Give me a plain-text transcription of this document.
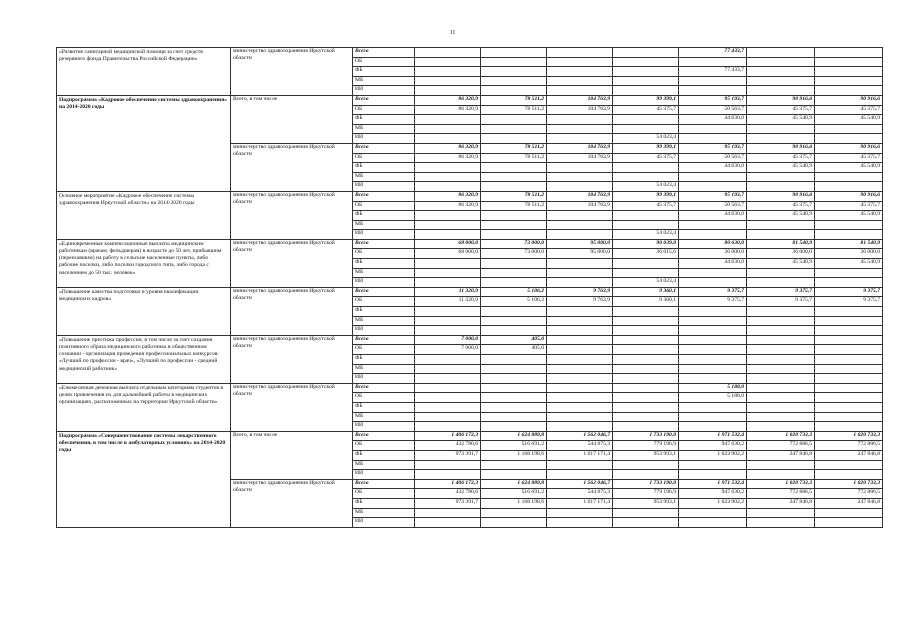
11
«Развитие санитарной медицинской помощи за счет средств резервного фонда Правительства Российской Федерации»	министерство здравоохранения Иркутской области	Всего					77 433,7		
		ОБ							
		ФБ					77 433,7		
		МБ							
		ИИ							
Подпрограмма «Кадровое обеспечение системы здравоохранения» на 2014-2020 годы	Всего, в том числе	Всего	86 320,9	78 511,2	104 763,9	99 399,1	95 193,7	90 916,6	90 916,6
		ОБ	86 320,9	78 511,2	104 763,9	45 375,7	50 563,7	45 375,7	45 375,7
		ФБ					44 630,0	45 540,9	45 540,9
		МБ							
		ИИ				54 023,4			
	министерство здравоохранения Иркутской области	Всего	86 320,9	78 511,2	104 763,9	99 399,1	95 193,7	90 916,6	90 916,6
		ОБ	86 320,9	78 511,2	104 763,9	45 375,7	50 563,7	45 375,7	45 375,7
		ФБ					44 630,0	45 540,9	45 540,9
		МБ							
		ИИ				54 023,4			
Основное мероприятие «Кадровое обеспечение системы здравоохранения Иркутской области» на 2014-2020 годы	министерство здравоохранения Иркутской области	Всего	86 320,9	78 511,2	104 763,9	99 399,1	95 193,7	90 916,6	90 916,6
		ОБ	86 320,9	78 511,2	104 763,9	45 375,7	50 563,7	45 375,7	45 375,7
		ФБ					44 630,0	45 540,9	45 540,9
		МБ							
		ИИ				54 023,4			
«Единовременные компенсационные выплаты медицинским работникам (врачам, фельдшерам) в возрасте до 50 лет, прибывшим (переехавшим) на работу в сельские населенные пункты, либо рабочие поселки, либо поселки городского типа, либо города с населением до 50 тыс. человек»	министерство здравоохранения Иркутской области	Всего	68 000,0	73 000,0	95 000,0	90 039,0	80 630,0	81 540,9	81 540,9
		ОБ	68 000,0	73 000,0	95 000,0	36 015,6	36 000,0	36 000,0	36 000,0
		ФБ					44 630,0	45 540,9	45 540,9
		МБ							
		ИИ				54 023,4			
«Повышение качества подготовки и уровня квалификации медицинских кадров»	министерство здравоохранения Иркутской области	Всего	11 320,9	5 106,2	9 763,9	9 360,1	9 375,7	9 375,7	9 375,7
		ОБ	11 320,9	5 106,2	9 763,9	9 360,1	9 375,7	9 375,7	9 375,7
		ФБ							
		МБ							
		ИИ							
«Повышение престижа профессии, в том числе за счет создания позитивного образа медицинского работника в общественном сознании - организация проведения профессиональных конкурсов: «Лучший по профессии - врач», «Лучший по профессии - средний медицинский работник»	министерство здравоохранения Иркутской области	Всего	7 000,0	405,0					
		ОБ	7 000,0	405,0					
		ФБ							
		МБ							
		ИИ							
«Ежемесячная денежная выплата отдельным категориям студентов в целях привлечения их для дальнейшей работы в медицинских организациях, расположенных на территории Иркутской области»	министерство здравоохранения Иркутской области	Всего					5 188,0		
		ОБ					5 188,0		
		ФБ							
		МБ							
		ИИ							
Подпрограмма «Совершенствование системы лекарственного обеспечения, в том числе в амбулаторных условиях» на 2014-2020 годы	Всего, в том числе	Всего	1 406 172,3	1 624 889,8	1 562 046,7	1 733 190,0	1 971 532,4	1 020 733,3	1 020 733,3
		ОБ	432 780,6	516 691,2	544 875,3	779 196,9	947 630,2	772 886,5	772 886,5
		ФБ	973 391,7	1 108 198,6	1 017 171,4	953 993,1	1 023 902,2	247 846,8	247 846,8
		МБ							
		ИИ							
	министерство здравоохранения Иркутской области	Всего	1 406 172,3	1 624 889,8	1 562 046,7	1 733 190,0	1 971 532,4	1 020 733,3	1 020 733,3
		ОБ	432 780,6	516 691,2	544 875,3	779 196,9	947 630,2	772 886,5	772 886,5
		ФБ	973 391,7	1 108 198,6	1 017 171,4	953 993,1	1 023 902,2	247 846,8	247 846,8
		МБ							
		ИИ							
